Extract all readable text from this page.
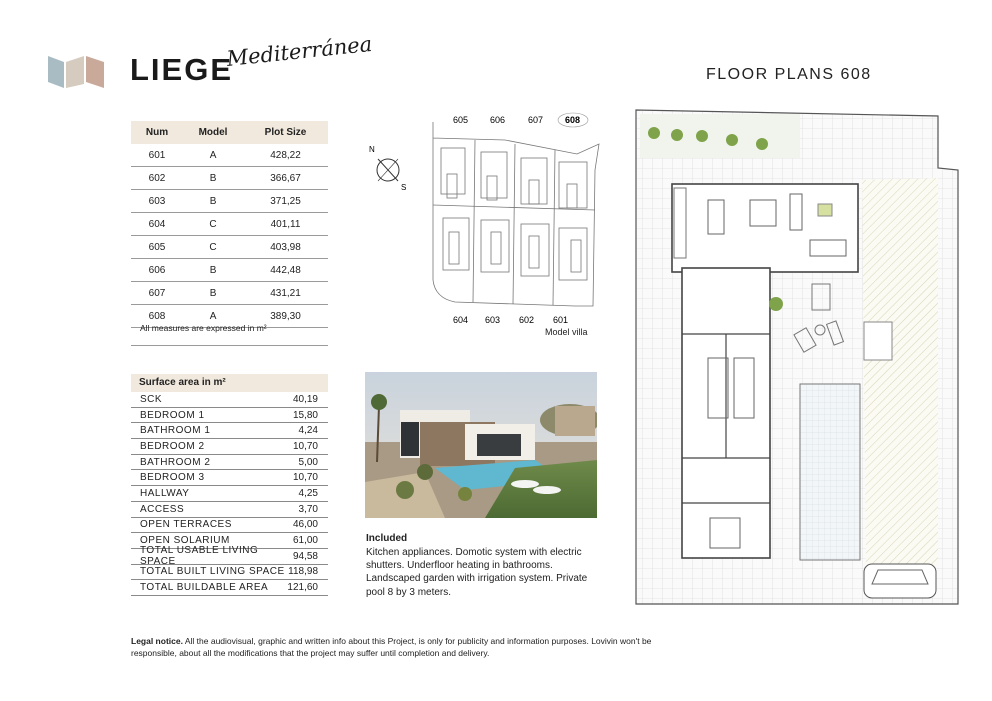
LIEGE
Mediterránea
FLOOR PLANS 608
Num	Model	Plot Size
601	A	428,22
602	B	366,67
603	B	371,25
604	C	401,11
605	C	403,98
606	B	442,48
607	B	431,21
608	A	389,30
All measures are expressed in m²
Surface area in m²
SCK	40,19
BEDROOM 1	15,80
BATHROOM 1	4,24
BEDROOM 2	10,70
BATHROOM 2	5,00
BEDROOM 3	10,70
HALLWAY	4,25
ACCESS	3,70
OPEN TERRACES	46,00
OPEN SOLARIUM	61,00
TOTAL USABLE LIVING SPACE	94,58
TOTAL BUILT LIVING SPACE 118,98
TOTAL BUILDABLE AREA 121,60
N
S
605 606	607 608
604 603 602 601
Model villa
Included
Kitchen appliances. Domotic system with electric shutters. Underfloor heating in bathrooms. Landscaped garden with irrigation system. Private pool 8 by 3 meters.
Legal notice. All the audiovisual, graphic and written info about this Project, is only for publicity and information purposes. Lovivin won't be responsible, about all the modifications that the project may suffer until completion and delivery.
